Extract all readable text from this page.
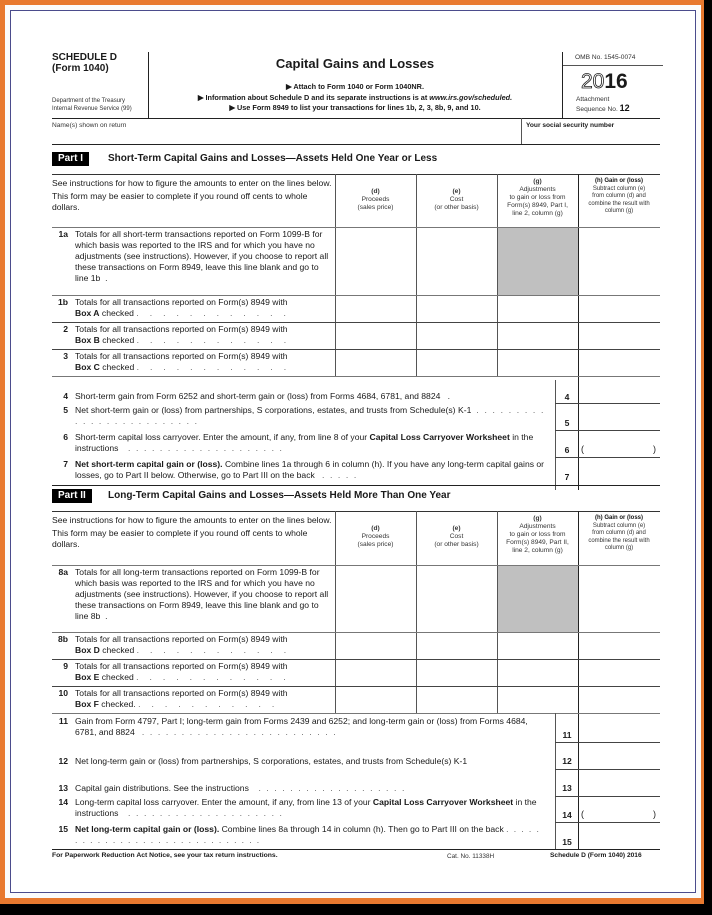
SCHEDULE D
(Form 1040)
Department of the Treasury
Internal Revenue Service (99)
Capital Gains and Losses
▶ Attach to Form 1040 or Form 1040NR.
▶ Information about Schedule D and its separate instructions is at www.irs.gov/scheduled.
▶ Use Form 8949 to list your transactions for lines 1b, 2, 3, 8b, 9, and 10.
OMB No. 1545-0074
2016
Attachment
Sequence No. 12
Name(s) shown on return	Your social security number
Part I	Short-Term Capital Gains and Losses—Assets Held One Year or Less
See instructions for how to figure the amounts to enter on the lines below.
This form may be easier to complete if you round off cents to whole dollars.
(d)
Proceeds
(sales price)
(e)
Cost
(or other basis)
(g)
Adjustments
to gain or loss from
Form(s) 8949, Part I,
line 2, column (g)
(h) Gain or (loss)
Subtract column (e)
from column (d) and
combine the result with
column (g)
1a Totals for all short-term transactions reported on Form 1099-B for which basis was reported to the IRS and for which you have no adjustments (see instructions). However, if you choose to report all these transactions on Form 8949, leave this line blank and go to line 1b .
1b Totals for all transactions reported on Form(s) 8949 with
Box A checked . . . . . . . . . . . .
2 Totals for all transactions reported on Form(s) 8949 with
Box B checked . . . . . . . . . . . .
3 Totals for all transactions reported on Form(s) 8949 with
Box C checked . . . . . . . . . . . .
4 Short-term gain from Form 6252 and short-term gain or (loss) from Forms 4684, 6781, and 8824 .	4
5 Net short-term gain or (loss) from partnerships, S corporations, estates, and trusts from Schedule(s) K-1 . . . . . . . . . . . . . . . . . . . . . . . . .	5
6 Short-term capital loss carryover. Enter the amount, if any, from line 8 of your Capital Loss Carryover Worksheet in the instructions . . . . . . . . . . . . . . . . . . . .	6	(	)
7 Net short-term capital gain or (loss). Combine lines 1a through 6 in column (h). If you have any long-term capital gains or losses, go to Part II below. Otherwise, go to Part III on the back . . . . .	7
Part II	Long-Term Capital Gains and Losses—Assets Held More Than One Year
See instructions for how to figure the amounts to enter on the lines below.
This form may be easier to complete if you round off cents to whole dollars.
(d)
Proceeds
(sales price)
(e)
Cost
(or other basis)
(g)
Adjustments
to gain or loss from
Form(s) 8949, Part II,
line 2, column (g)
(h) Gain or (loss)
Subtract column (e)
from column (d) and
combine the result with
column (g)
8a Totals for all long-term transactions reported on Form 1099-B for which basis was reported to the IRS and for which you have no adjustments (see instructions). However, if you choose to report all these transactions on Form 8949, leave this line blank and go to line 8b .
8b Totals for all transactions reported on Form(s) 8949 with
Box D checked . . . . . . . . . . . .
9 Totals for all transactions reported on Form(s) 8949 with
Box E checked . . . . . . . . . . . .
10 Totals for all transactions reported on Form(s) 8949 with
Box F checked. . . . . . . . . . . .
11 Gain from Form 4797, Part I; long-term gain from Forms 2439 and 6252; and long-term gain or (loss) from Forms 4684, 6781, and 8824 . . . . . . . . . . . . . . . . . . . . . . . . .	11
12 Net long-term gain or (loss) from partnerships, S corporations, estates, and trusts from Schedule(s) K-1	12
13 Capital gain distributions. See the instructions . . . . . . . . . . . . . . . . . . .	13
14 Long-term capital loss carryover. Enter the amount, if any, from line 13 of your Capital Loss Carryover Worksheet in the instructions . . . . . . . . . . . . . . . . . . . .	14	(	)
15 Net long-term capital gain or (loss). Combine lines 8a through 14 in column (h). Then go to Part III on the back . . . . . . . . . . . . . . . . . . . . . . . . . . . . . .	15
For Paperwork Reduction Act Notice, see your tax return instructions.	Cat. No. 11338H	Schedule D (Form 1040) 2016
